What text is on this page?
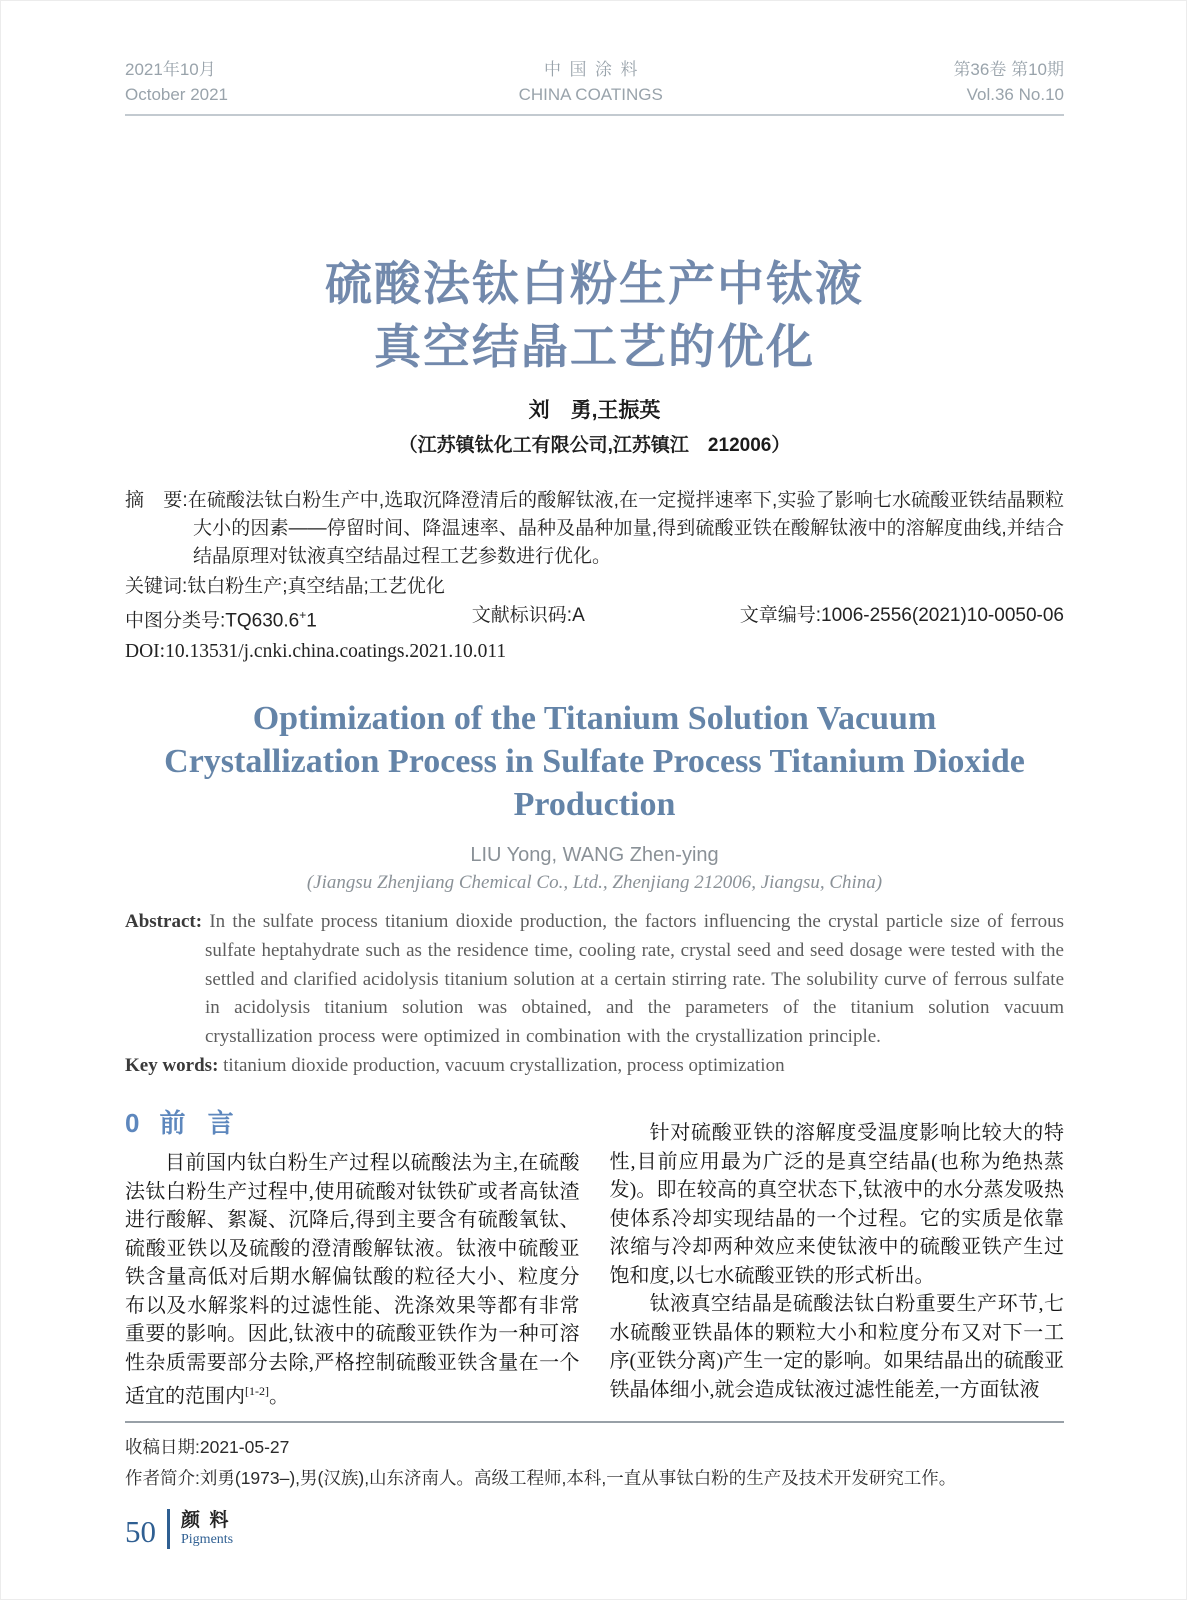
2021年10月
October 2021
中国涂料
CHINA COATINGS
第36卷 第10期
Vol.36 No.10
硫酸法钛白粉生产中钛液
真空结晶工艺的优化
刘　勇,王振英
（江苏镇钛化工有限公司,江苏镇江　212006）

摘　要:在硫酸法钛白粉生产中,选取沉降澄清后的酸解钛液,在一定搅拌速率下,实验了影响七水硫酸亚铁结晶颗粒大小的因素——停留时间、降温速率、晶种及晶种加量,得到硫酸亚铁在酸解钛液中的溶解度曲线,并结合结晶原理对钛液真空结晶过程工艺参数进行优化。

关键词:钛白粉生产;真空结晶;工艺优化

中图分类号:TQ630.6+1	文献标识码:A	文章编号:1006-2556(2021)10-0050-06
DOI:10.13531/j.cnki.china.coatings.2021.10.011
Optimization of the Titanium Solution Vacuum
Crystallization Process in Sulfate Process Titanium Dioxide
Production
LIU Yong, WANG Zhen-ying
(Jiangsu Zhenjiang Chemical Co., Ltd., Zhenjiang 212006, Jiangsu, China)

Abstract: In the sulfate process titanium dioxide production, the factors influencing the crystal particle size of ferrous sulfate heptahydrate such as the residence time, cooling rate, crystal seed and seed dosage were tested with the settled and clarified acidolysis titanium solution at a certain stirring rate. The solubility curve of ferrous sulfate in acidolysis titanium solution was obtained, and the parameters of the titanium solution vacuum crystallization process were optimized in combination with the crystallization principle.

Key words: titanium dioxide production, vacuum crystallization, process optimization

0 前言

目前国内钛白粉生产过程以硫酸法为主,在硫酸法钛白粉生产过程中,使用硫酸对钛铁矿或者高钛渣进行酸解、絮凝、沉降后,得到主要含有硫酸氧钛、硫酸亚铁以及硫酸的澄清酸解钛液。钛液中硫酸亚铁含量高低对后期水解偏钛酸的粒径大小、粒度分布以及水解浆料的过滤性能、洗涤效果等都有非常重要的影响。因此,钛液中的硫酸亚铁作为一种可溶性杂质需要部分去除,严格控制硫酸亚铁含量在一个适宜的范围内[1-2]。

针对硫酸亚铁的溶解度受温度影响比较大的特性,目前应用最为广泛的是真空结晶(也称为绝热蒸发)。即在较高的真空状态下,钛液中的水分蒸发吸热使体系冷却实现结晶的一个过程。它的实质是依靠浓缩与冷却两种效应来使钛液中的硫酸亚铁产生过饱和度,以七水硫酸亚铁的形式析出。

钛液真空结晶是硫酸法钛白粉重要生产环节,七水硫酸亚铁晶体的颗粒大小和粒度分布又对下一工序(亚铁分离)产生一定的影响。如果结晶出的硫酸亚铁晶体细小,就会造成钛液过滤性能差,一方面钛液

收稿日期:2021-05-27
作者简介:刘勇(1973–),男(汉族),山东济南人。高级工程师,本科,一直从事钛白粉的生产及技术开发研究工作。
50 颜料
Pigments
